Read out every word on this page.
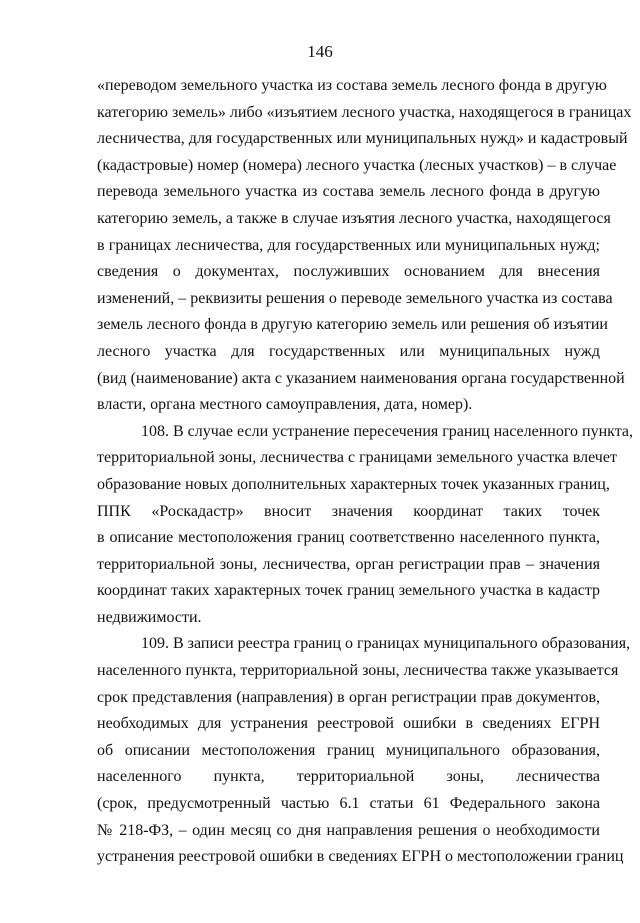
146
«переводом земельного участка из состава земель лесного фонда в другую
категорию земель» либо «изъятием лесного участка, находящегося в границах
лесничества, для государственных или муниципальных нужд» и кадастровый
(кадастровые) номер (номера) лесного участка (лесных участков) – в случае
перевода земельного участка из состава земель лесного фонда в другую
категорию земель, а также в случае изъятия лесного участка, находящегося
в границах лесничества, для государственных или муниципальных нужд;
сведения о документах, послуживших основанием для внесения
изменений, – реквизиты решения о переводе земельного участка из состава
земель лесного фонда в другую категорию земель или решения об изъятии
лесного участка для государственных или муниципальных нужд
(вид (наименование) акта с указанием наименования органа государственной
власти, органа местного самоуправления, дата, номер).
108. В случае если устранение пересечения границ населенного пункта,
территориальной зоны, лесничества с границами земельного участка влечет
образование новых дополнительных характерных точек указанных границ,
ППК «Роскадастр» вносит значения координат таких точек
в описание местоположения границ соответственно населенного пункта,
территориальной зоны, лесничества, орган регистрации прав – значения
координат таких характерных точек границ земельного участка в кадастр
недвижимости.
109. В записи реестра границ о границах муниципального образования,
населенного пункта, территориальной зоны, лесничества также указывается
срок представления (направления) в орган регистрации прав документов,
необходимых для устранения реестровой ошибки в сведениях ЕГРН
об описании местоположения границ муниципального образования,
населенного пункта, территориальной зоны, лесничества
(срок, предусмотренный частью 6.1 статьи 61 Федерального закона
№ 218-ФЗ, – один месяц со дня направления решения о необходимости
устранения реестровой ошибки в сведениях ЕГРН о местоположении границ
